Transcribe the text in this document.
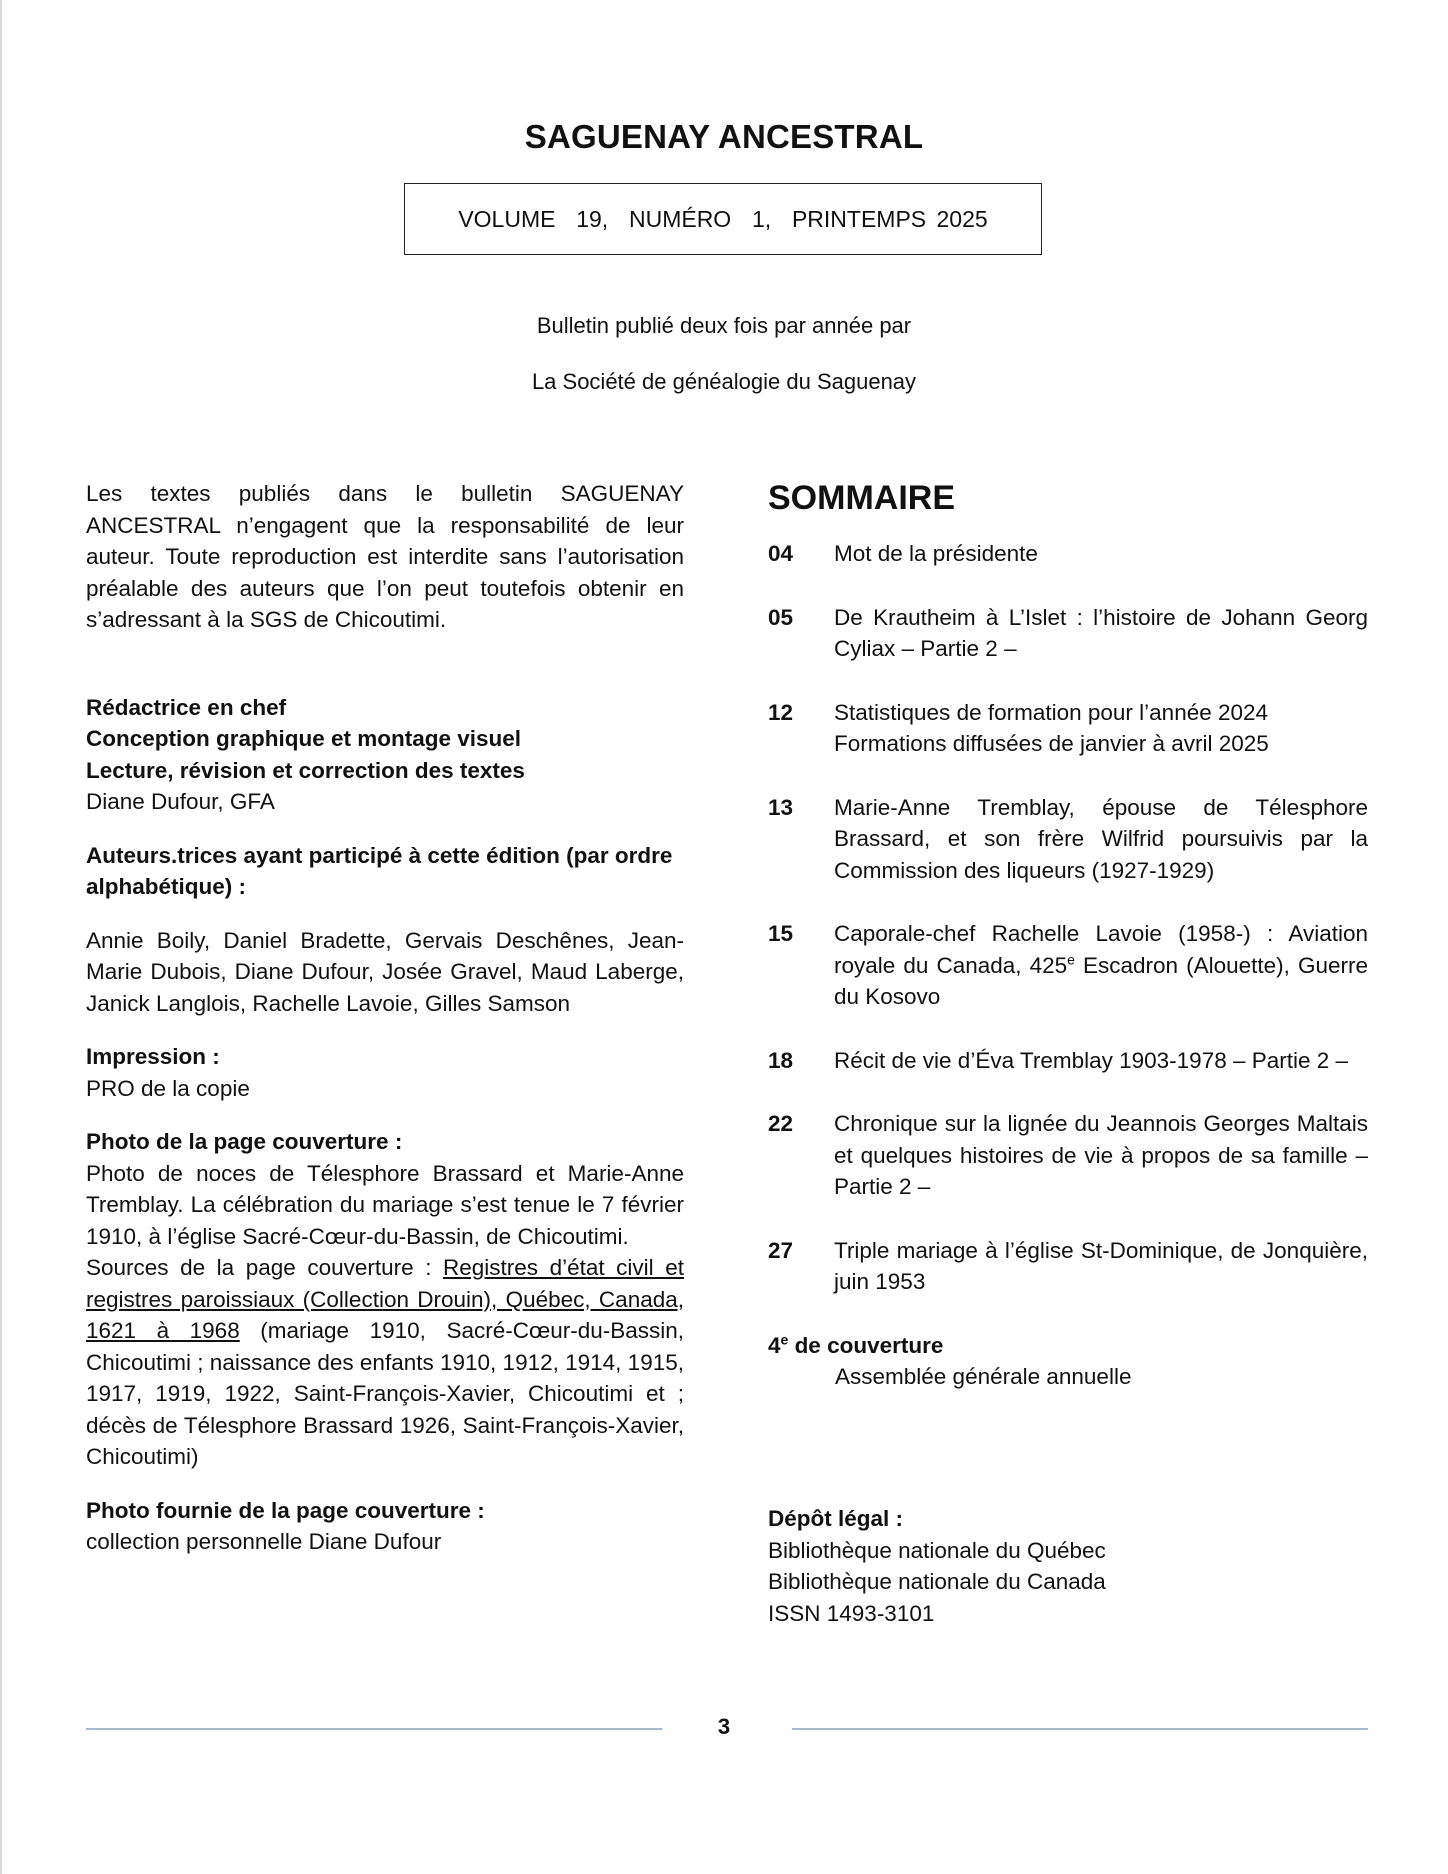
SAGUENAY ANCESTRAL
VOLUME  19,  NUMÉRO  1,  PRINTEMPS 2025
Bulletin publié deux fois par année par
La Société de généalogie du Saguenay

Les textes publiés dans le bulletin SAGUENAY ANCESTRAL n’engagent que la responsabilité de leur auteur. Toute reproduction est interdite sans l’autorisation préalable des auteurs que l’on peut toutefois obtenir en s’adressant à la SGS de Chicoutimi.

Rédactrice en chef

Conception graphique et montage visuel

Lecture, révision et correction des textes

Diane Dufour, GFA

Auteurs.trices ayant participé à cette édition (par ordre alphabétique) :

Annie Boily, Daniel Bradette, Gervais Deschênes, Jean-Marie Dubois, Diane Dufour, Josée Gravel, Maud Laberge, Janick Langlois, Rachelle Lavoie, Gilles Samson

Impression :

PRO de la copie

Photo de la page couverture :

Photo de noces de Télesphore Brassard et Marie-Anne Tremblay. La célébration du mariage s’est tenue le 7 février 1910, à l’église Sacré-Cœur-du-Bassin, de Chicoutimi.

Sources de la page couverture : Registres d’état civil et registres paroissiaux (Collection Drouin), Québec, Canada, 1621 à 1968 (mariage 1910, Sacré-Cœur-du-Bassin, Chicoutimi ; naissance des enfants 1910, 1912, 1914, 1915, 1917, 1919, 1922, Saint-François-Xavier, Chicoutimi et ; décès de Télesphore Brassard 1926, Saint-François-Xavier, Chicoutimi)

Photo fournie de la page couverture :

collection personnelle Diane Dufour

SOMMAIRE
04	Mot de la présidente
05	De Krautheim à L’Islet : l’histoire de Johann Georg Cyliax – Partie 2 –
12	Statistiques de formation pour l’année 2024
Formations diffusées de janvier à avril 2025
13	Marie-Anne Tremblay, épouse de Télesphore Brassard, et son frère Wilfrid poursuivis par la Commission des liqueurs (1927-1929)
15	Caporale-chef Rachelle Lavoie (1958-) : Aviation royale du Canada, 425e Escadron (Alouette), Guerre du Kosovo
18	Récit de vie d’Éva Tremblay 1903-1978 – Partie 2 –
22	Chronique sur la lignée du Jeannois Georges Maltais et quelques histoires de vie à propos de sa famille – Partie 2 –
27	Triple mariage à l’église St-Dominique, de Jonquière, juin 1953
4e de couverture
Assemblée générale annuelle

Dépôt légal :

Bibliothèque nationale du Québec

Bibliothèque nationale du Canada

ISSN 1493-3101

3
